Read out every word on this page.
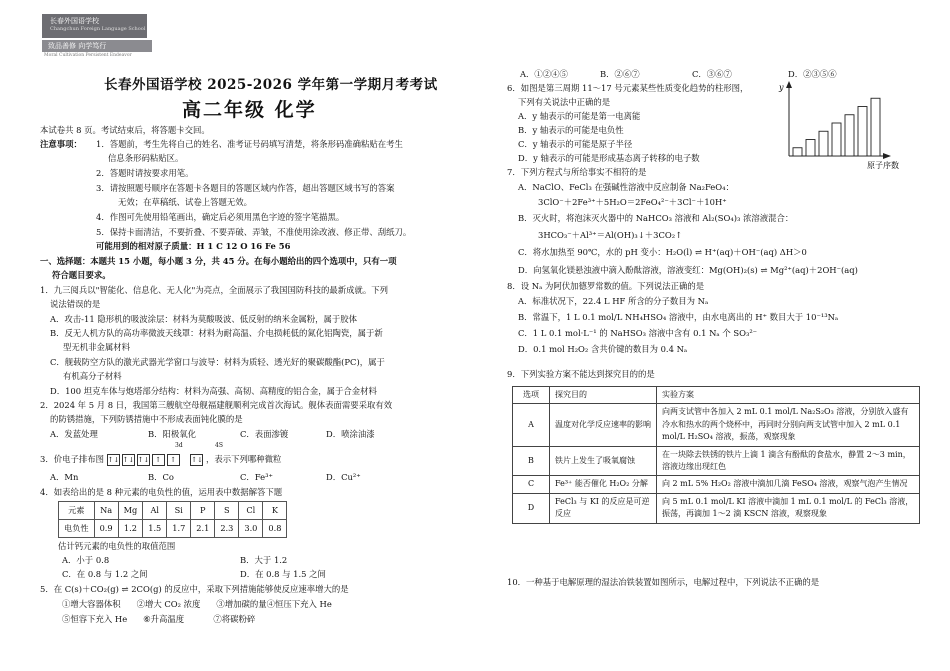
长春外国语学校
Changchun Foreign Language School
致品善修 向学笃行
Moral Cultivation Persistent Endeavor
长春外国语学校 2025-2026 学年第一学期月考考试
高二年级 化学
本试卷共 8 页。考试结束后，将答题卡交回。
注意事项： 1．答题前，考生先将自己的姓名、准考证号码填写清楚，将条形码准确粘贴在考生
信息条形码粘贴区。
2．答题时请按要求用笔。
3．请按照题号顺序在答题卡各题目的答题区域内作答，超出答题区域书写的答案
无效；在草稿纸、试卷上答题无效。
4．作图可先使用铅笔画出，确定后必须用黑色字迹的签字笔描黑。
5．保持卡面清洁，不要折叠、不要弄破、弄皱，不准使用涂改液、修正带、刮纸刀。
可能用到的相对原子质量：H 1 C 12 O 16 Fe 56
一、选择题：本题共 15 小题，每小题 3 分，共 45 分。在每小题给出的四个选项中，只有一项
符合题目要求。
1．九三阅兵以"智能化、信息化、无人化"为亮点，全面展示了我国国防科技的最新成就。下列
说法错误的是
A．攻击-11 隐形机的吸波涂层：材料为莫酸吸波、低反射的纳米金属粉，属于胶体
B．反无人机方队的高功率微波天线罩：材料为耐高温、介电损耗低的氮化铝陶瓷，属于新
型无机非金属材料
C．舰载防空方队的激光武器光学窗口与波导：材料为质轻、透光好的聚碳酸酯(PC)，属于
有机高分子材料
D．100 坦克车体与炮塔部分结构：材料为高强、高韧、高精度的铝合金，属于合金材料
2．2024 年 5 月 8 日，我国第三艘航空母舰福建舰顺利完成首次海试。舰体表面需要采取有效
的防锈措施，下列防锈措施中不形成表面钝化膜的是
A．发蓝处理	B．阳极氧化	C．表面渗镀	D．喷涂油漆
3d	4S
3．价电子排布图 ↑↓ ↑↓ ↑↓ ↑	↑
	↑↓ ，表示下列哪种微粒
A．Mn	B．Co	C．Fe³⁺	D．Cu²⁺
4．如表给出的是 8 种元素的电负性的值，运用表中数据解答下题
元素	Na	Mg	Al	Si	P	S	Cl	K
电负性	0.9	1.2	1.5	1.7	2.1	2.3	3.0	0.8
估计钙元素的电负性的取值范围
A．小于 0.8	B．大于 1.2
C．在 0.8 与 1.2 之间	D．在 0.8 与 1.5 之间
5．在 C(s)＋CO₂(g) ⇌ 2CO(g) 的反应中，采取下列措施能够使反应速率增大的是
①增大容器体积      ②增大 CO₂ 浓度      ③增加碳的量④恒压下充入 He
⑤恒容下充入 He      ⑥升高温度           ⑦将碳粉碎
A．①②④⑤	B．②⑥⑦	C．③⑥⑦	D．②③⑤⑥
6．如图是第三周期 11～17 号元素某些性质变化趋势的柱形图，
下列有关说法中正确的是
A．y 轴表示的可能是第一电离能
B．y 轴表示的可能是电负性
C．y 轴表示的可能是原子半径
D．y 轴表示的可能是形成基态离子转移的电子数
y
原子序数
7．下列方程式与所给事实不相符的是
A．NaClO、FeCl₃ 在强碱性溶液中反应制备 Na₂FeO₄：
3ClO⁻＋2Fe³⁺＋5H₂O＝2FeO₄²⁻＋3Cl⁻＋10H⁺
B．灭火时，将泡沫灭火器中的 NaHCO₃ 溶液和 Al₂(SO₄)₃ 浓溶液混合：
3HCO₃⁻＋Al³⁺＝Al(OH)₃↓＋3CO₂↑
C．将水加热至 90℃，水的 pH 变小：H₂O(l) ⇌ H⁺(aq)＋OH⁻(aq) ΔH＞0
D．向氢氧化镁悬浊液中滴入酚酞溶液，溶液变红：Mg(OH)₂(s) ⇌ Mg²⁺(aq)＋2OH⁻(aq)
8．设 Nₐ 为阿伏加德罗常数的值。下列说法正确的是
A．标准状况下，22.4 L HF 所含的分子数目为 Nₐ
B．常温下，1 L 0.1 mol/L NH₄HSO₄ 溶液中，由水电离出的 H⁺ 数目大于 10⁻¹³Nₐ
C．1 L 0.1 mol·L⁻¹ 的 NaHSO₃ 溶液中含有 0.1 Nₐ 个 SO₃²⁻
D．0.1 mol H₂O₂ 含共价键的数目为 0.4 Nₐ
9．下列实验方案不能达到探究目的的是
选项	探究目的	实验方案
A	温度对化学反应速率的影响	向两支试管中各加入 2 mL 0.1 mol/L Na₂S₂O₃ 溶液，分别放入盛有冷水和热水的两个烧杯中，再同时分别向两支试管中加入 2 mL 0.1 mol/L H₂SO₄ 溶液，振荡，观察现象
B	铁片上发生了吸氧腐蚀	在一块除去铁锈的铁片上滴 1 滴含有酚酞的食盐水，静置 2～3 min，溶液边缘出现红色
C	Fe³⁺ 能否催化 H₂O₂ 分解	向 2 mL 5% H₂O₂ 溶液中滴加几滴 FeSO₄ 溶液，观察气泡产生情况
D	FeCl₃ 与 KI 的反应是可逆反应	向 5 mL 0.1 mol/L KI 溶液中滴加 1 mL 0.1 mol/L 的 FeCl₃ 溶液，振荡，再滴加 1～2 滴 KSCN 溶液，观察现象
10．一种基于电解原理的湿法冶铁装置如图所示，电解过程中，下列说法不正确的是
